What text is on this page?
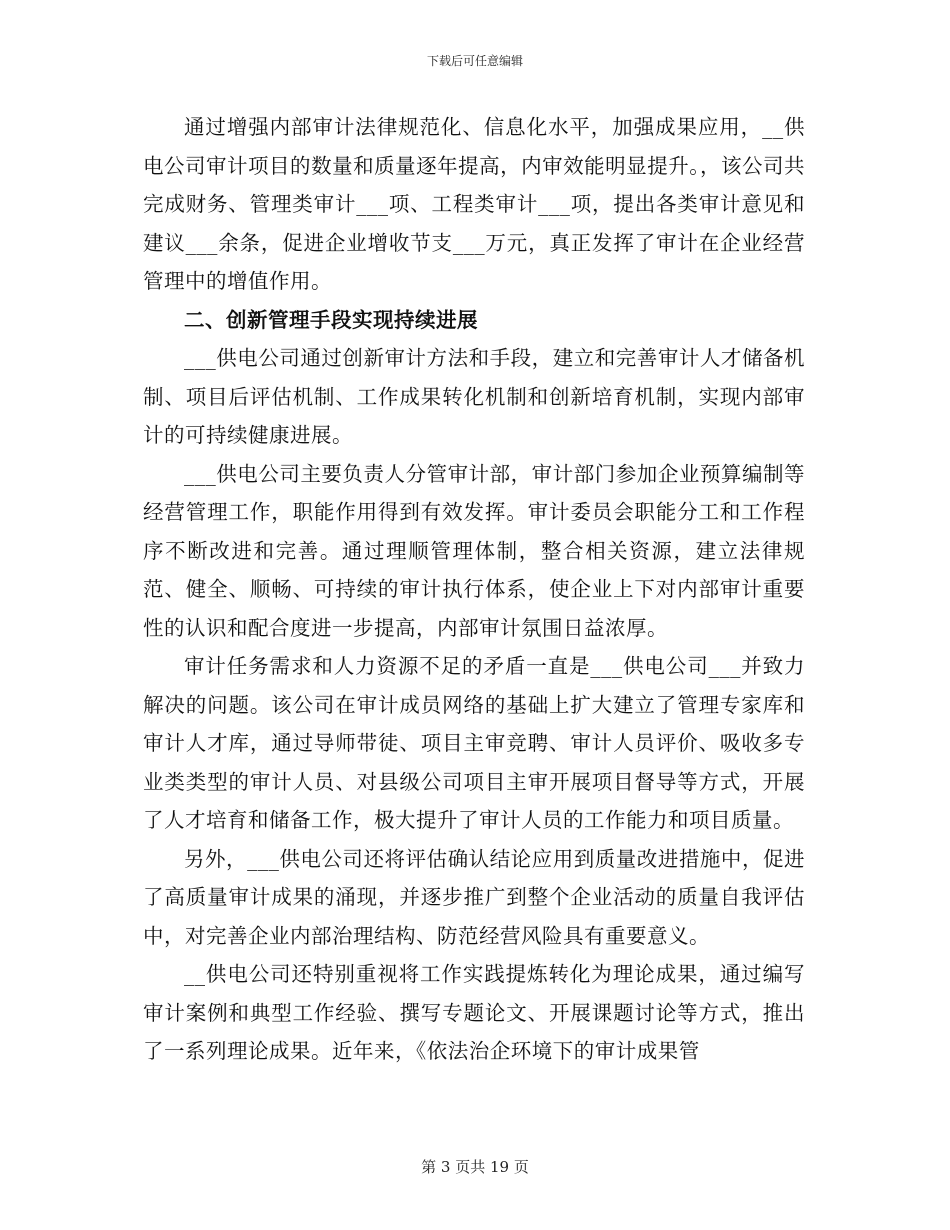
下载后可任意编辑

通过增强内部审计法律规范化、信息化水平，加强成果应用，__供电公司审计项目的数量和质量逐年提高，内审效能明显提升。，该公司共完成财务、管理类审计___项、工程类审计___项，提出各类审计意见和建议___余条，促进企业增收节支___万元，真正发挥了审计在企业经营管理中的增值作用。

二、创新管理手段实现持续进展

___供电公司通过创新审计方法和手段，建立和完善审计人才储备机制、项目后评估机制、工作成果转化机制和创新培育机制，实现内部审计的可持续健康进展。

___供电公司主要负责人分管审计部，审计部门参加企业预算编制等经营管理工作，职能作用得到有效发挥。审计委员会职能分工和工作程序不断改进和完善。通过理顺管理体制，整合相关资源，建立法律规范、健全、顺畅、可持续的审计执行体系，使企业上下对内部审计重要性的认识和配合度进一步提高，内部审计氛围日益浓厚。

审计任务需求和人力资源不足的矛盾一直是___供电公司___并致力解决的问题。该公司在审计成员网络的基础上扩大建立了管理专家库和审计人才库，通过导师带徒、项目主审竞聘、审计人员评价、吸收多专业类类型的审计人员、对县级公司项目主审开展项目督导等方式，开展了人才培育和储备工作，极大提升了审计人员的工作能力和项目质量。

另外，___供电公司还将评估确认结论应用到质量改进措施中，促进了高质量审计成果的涌现，并逐步推广到整个企业活动的质量自我评估中，对完善企业内部治理结构、防范经营风险具有重要意义。

__供电公司还特别重视将工作实践提炼转化为理论成果，通过编写审计案例和典型工作经验、撰写专题论文、开展课题讨论等方式，推出了一系列理论成果。近年来，《依法治企环境下的审计成果管

第 3 页共 19 页
